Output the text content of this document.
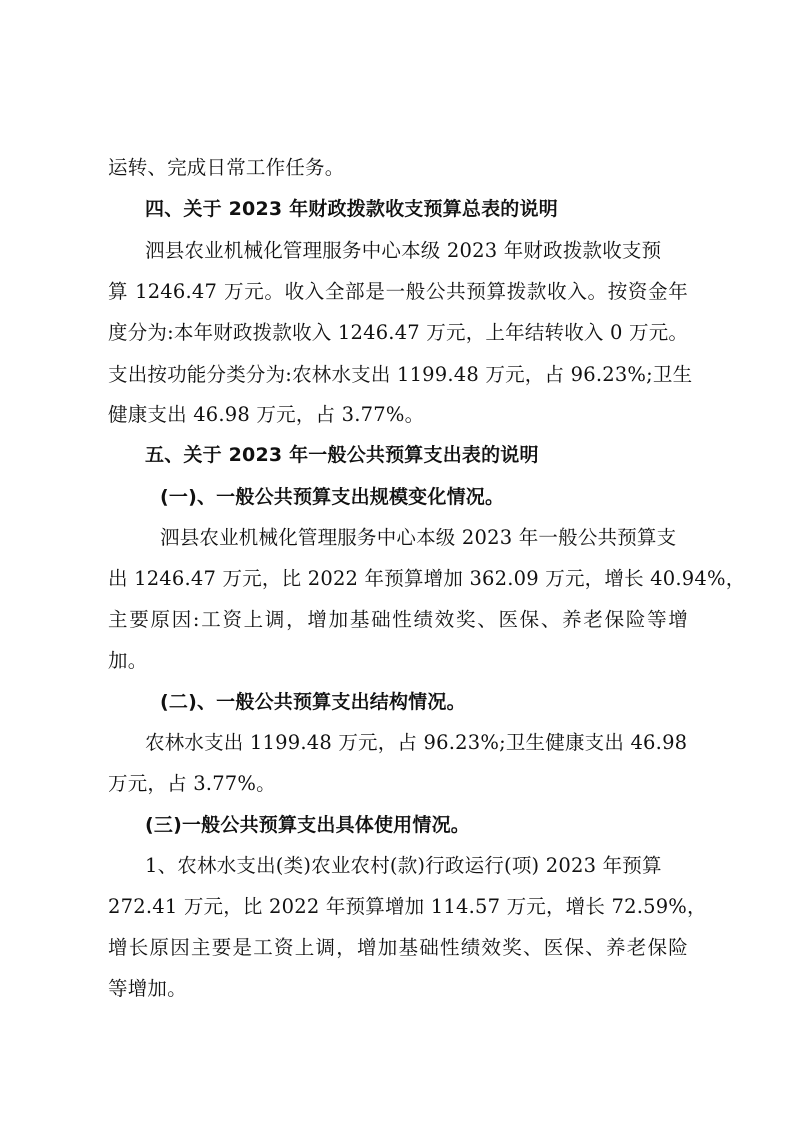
运转、完成日常工作任务。
四、关于 2023 年财政拨款收支预算总表的说明
泗县农业机械化管理服务中心本级 2023 年财政拨款收支预
算 1246.47 万元。收入全部是一般公共预算拨款收入。按资金年
度分为:本年财政拨款收入 1246.47 万元，上年结转收入 0 万元。
支出按功能分类分为:农林水支出 1199.48 万元，占 96.23%;卫生
健康支出 46.98 万元，占 3.77%。
五、关于 2023 年一般公共预算支出表的说明
(一)、一般公共预算支出规模变化情况。
泗县农业机械化管理服务中心本级 2023 年一般公共预算支
出 1246.47 万元，比 2022 年预算增加 362.09 万元，增长 40.94%，
主要原因:工资上调，增加基础性绩效奖、医保、养老保险等增
加。
(二)、一般公共预算支出结构情况。
农林水支出 1199.48 万元，占 96.23%;卫生健康支出 46.98
万元，占 3.77%。
(三)一般公共预算支出具体使用情况。
1、农林水支出(类)农业农村(款)行政运行(项) 2023 年预算
272.41 万元，比 2022 年预算增加 114.57 万元，增长 72.59%，
增长原因主要是工资上调，增加基础性绩效奖、医保、养老保险
等增加。
